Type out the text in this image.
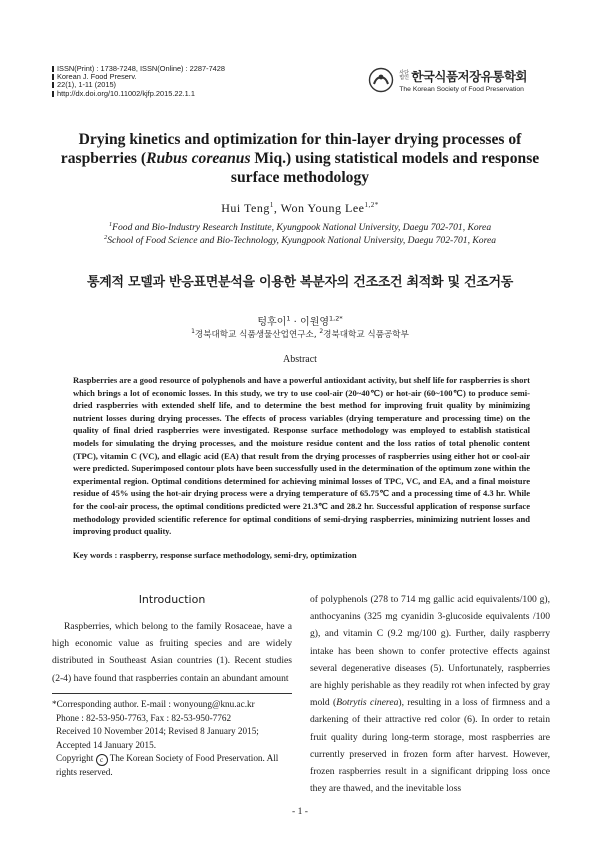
ISSN(Print) : 1738-7248, ISSN(Online) : 2287-7428
Korean J. Food Preserv.
22(1), 1-11 (2015)
http://dx.doi.org/10.11002/kjfp.2015.22.1.1
사단법인 한국식품저장유통학회
The Korean Society of Food Preservation
Drying kinetics and optimization for thin-layer drying processes of raspberries (Rubus coreanus Miq.) using statistical models and response surface methodology
Hui Teng$^1$, Won Young Lee$^{1,2*}$
$^1$Food and Bio-Industry Research Institute, Kyungpook National University, Daegu 702-701, Korea
$^2$School of Food Science and Bio-Technology, Kyungpook National University, Daegu 702-701, Korea
통계적 모델과 반응표면분석을 이용한 복분자의 건조조건 최적화 및 건조거동
텅후이$^1$ · 이원영$^{1,2*}$
$^1$경북대학교 식품생물산업연구소, $^2$경북대학교 식품공학부
Abstract
Raspberries are a good resource of polyphenols and have a powerful antioxidant activity, but shelf life for raspberries is short which brings a lot of economic losses. In this study, we try to use cool-air (20~40℃) or hot-air (60~100℃) to produce semi-dried raspberries with extended shelf life, and to determine the best method for improving fruit quality by minimizing nutrient losses during drying processes. The effects of process variables (drying temperature and processing time) on the quality of final dried raspberries were investigated. Response surface methodology was employed to establish statistical models for simulating the drying processes, and the moisture residue content and the loss ratios of total phenolic content (TPC), vitamin C (VC), and ellagic acid (EA) that result from the drying processes of raspberries using either hot or cool-air were predicted. Superimposed contour plots have been successfully used in the determination of the optimum zone within the experimental region. Optimal conditions determined for achieving minimal losses of TPC, VC, and EA, and a final moisture residue of 45% using the hot-air drying process were a drying temperature of 65.75℃ and a processing time of 4.3 hr. While for the cool-air process, the optimal conditions predicted were 21.3℃ and 28.2 hr. Successful application of response surface methodology provided scientific reference for optimal conditions of semi-drying raspberries, minimizing nutrient losses and improving product quality.
Key words : raspberry, response surface methodology, semi-dry, optimization
Introduction
Raspberries, which belong to the family Rosaceae, have a high economic value as fruiting species and are widely distributed in Southeast Asian countries (1). Recent studies (2-4) have found that raspberries contain an abundant amount
*Corresponding author. E-mail : wonyoung@knu.ac.kr
Phone : 82-53-950-7763, Fax : 82-53-950-7762
Received 10 November 2014; Revised 8 January 2015; Accepted 14 January 2015.
Copyright c The Korean Society of Food Preservation. All rights reserved.
of polyphenols (278 to 714 mg gallic acid equivalents/100 g), anthocyanins (325 mg cyanidin 3-glucoside equivalents /100 g), and vitamin C (9.2 mg/100 g). Further, daily raspberry intake has been shown to confer protective effects against several degenerative diseases (5). Unfortunately, raspberries are highly perishable as they readily rot when infected by gray mold (Botrytis cinerea), resulting in a loss of firmness and a darkening of their attractive red color (6). In order to retain fruit quality during long-term storage, most raspberries are currently preserved in frozen form after harvest. However, frozen raspberries result in a significant dripping loss once they are thawed, and the inevitable loss
- 1 -
